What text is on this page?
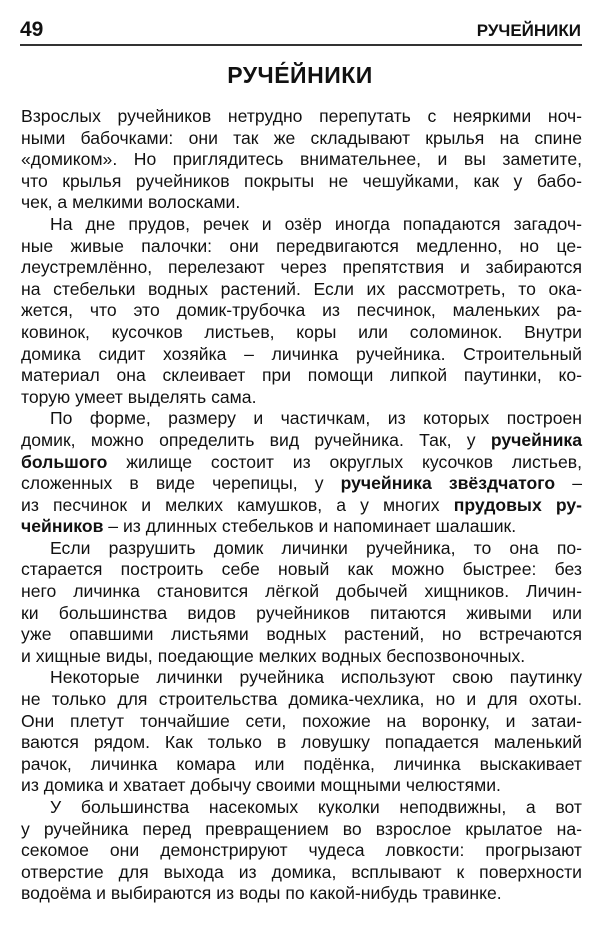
49	РУЧЕЙНИКИ
РУЧЕ́ЙНИКИ
Взрослых ручейников нетрудно перепутать с неяркими ноч-
ными бабочками: они так же складывают крылья на спине
«домиком». Но приглядитесь внимательнее, и вы заметите,
что крылья ручейников покрыты не чешуйками, как у бабо-
чек, а мелкими волосками.
На дне прудов, речек и озёр иногда попадаются загадоч-
ные живые палочки: они передвигаются медленно, но це-
леустремлённо, перелезают через препятствия и забираются
на стебельки водных растений. Если их рассмотреть, то ока-
жется, что это домик-трубочка из песчинок, маленьких ра-
ковинок, кусочков листьев, коры или соломинок. Внутри
домика сидит хозяйка – личинка ручейника. Строительный
материал она склеивает при помощи липкой паутинки, ко-
торую умеет выделять сама.
По форме, размеру и частичкам, из которых построен
домик, можно определить вид ручейника. Так, у ручейника
большого жилище состоит из округлых кусочков листьев,
сложенных в виде черепицы, у ручейника звёздчатого –
из песчинок и мелких камушков, а у многих прудовых ру-
чейников – из длинных стебельков и напоминает шалашик.
Если разрушить домик личинки ручейника, то она по-
старается построить себе новый как можно быстрее: без
него личинка становится лёгкой добычей хищников. Личин-
ки большинства видов ручейников питаются живыми или
уже опавшими листьями водных растений, но встречаются
и хищные виды, поедающие мелких водных беспозвоночных.
Некоторые личинки ручейника используют свою паутинку
не только для строительства домика-чехлика, но и для охоты.
Они плетут тончайшие сети, похожие на воронку, и затаи-
ваются рядом. Как только в ловушку попадается маленький
рачок, личинка комара или подёнка, личинка выскакивает
из домика и хватает добычу своими мощными челюстями.
У большинства насекомых куколки неподвижны, а вот
у ручейника перед превращением во взрослое крылатое на-
секомое они демонстрируют чудеса ловкости: прогрызают
отверстие для выхода из домика, всплывают к поверхности
водоёма и выбираются из воды по какой-нибудь травинке.
